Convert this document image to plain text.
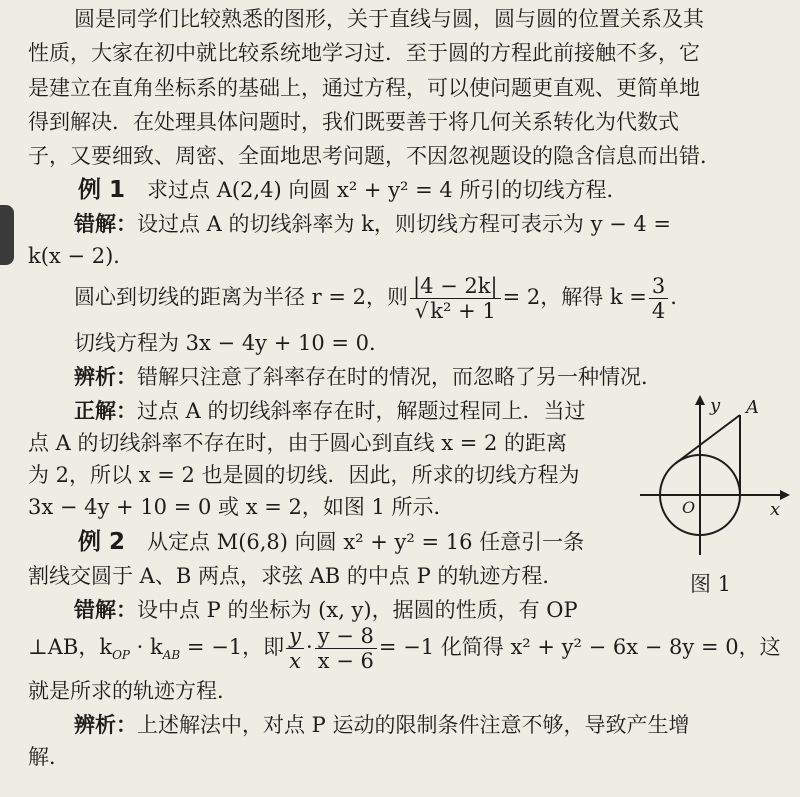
圆是同学们比较熟悉的图形，关于直线与圆，圆与圆的位置关系及其
性质，大家在初中就比较系统地学习过．至于圆的方程此前接触不多，它
是建立在直角坐标系的基础上，通过方程，可以使问题更直观、更简单地
得到解决．在处理具体问题时，我们既要善于将几何关系转化为代数式
子，又要细致、周密、全面地思考问题，不因忽视题设的隐含信息而出错．
例 1 求过点 A(2,4) 向圆 x² + y² = 4 所引的切线方程．
错解：设过点 A 的切线斜率为 k，则切线方程可表示为 y − 4 =
k(x − 2)．
圆心到切线的距离为半径 r = 2，则 $\frac{|4 - 2k|}{\text{√k² + 1}} = 2$，解得 $k = \frac{3}{4}$ .
切线方程为 3x − 4y + 10 = 0．
辨析：错解只注意了斜率存在时的情况，而忽略了另一种情况．
正解：过点 A 的切线斜率存在时，解题过程同上．当过
点 A 的切线斜率不存在时，由于圆心到直线 x = 2 的距离
为 2，所以 x = 2 也是圆的切线．因此，所求的切线方程为
3x − 4y + 10 = 0 或 x = 2，如图 1 所示．
例 2 从定点 M(6,8) 向圆 x² + y² = 16 任意引一条
割线交圆于 A、B 两点，求弦 AB 的中点 P 的轨迹方程．
错解：设中点 P 的坐标为 (x, y)，据圆的性质，有 OP
⊥AB，$k_{OP} \cdot k_{AB} = -1$，即 $\frac{y}{x} \cdot \frac{y - 8}{x - 6} = -1$ 化简得 x² + y² − 6x − 8y = 0，这
就是所求的轨迹方程．
辨析：上述解法中，对点 P 运动的限制条件注意不够，导致产生增
解．
y
x
O
A
图 1
